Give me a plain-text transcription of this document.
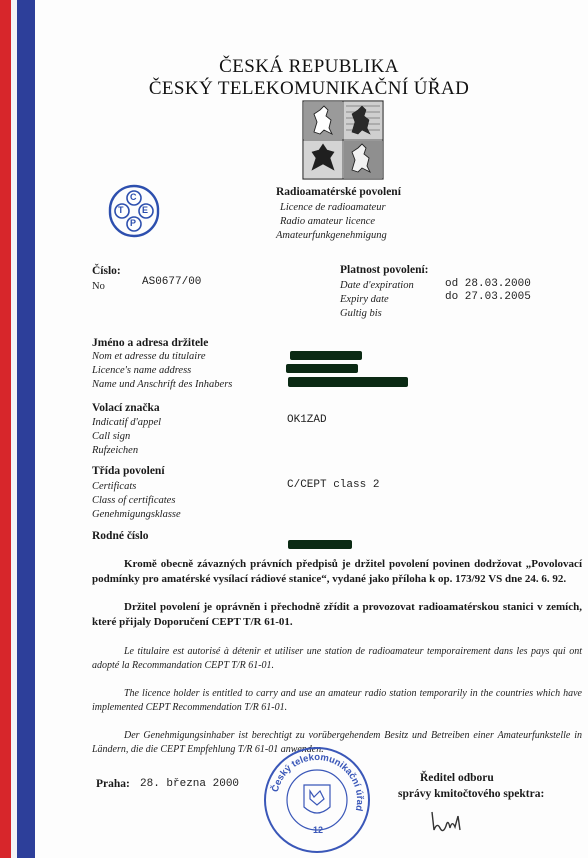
ČESKÁ REPUBLIKA
ČESKÝ TELEKOMUNIKAČNÍ ÚŘAD
C
E
P
T
Radioamatérské povolení
Licence de radioamateur
Radio amateur licence
Amateurfunkgenehmigung
Číslo:
No	AS0677/00
Platnost povolení:
Date d'expiration
Expiry date
Gultig bis
od 28.03.2000
do 27.03.2005
Jméno a adresa držitele
Nom et adresse du titulaire
Licence's name address
Name und Anschrift des Inhabers
Volací značka
Indicatif d'appel
Call sign
Rufzeichen
OK1ZAD
Třída povolení
Certificats
Class of certificates
Genehmigungsklasse
C/CEPT class 2
Rodné číslo
Kromě obecně závazných právních předpisů je držitel povolení povinen dodržovat „Povolovací podmínky pro amatérské vysílací rádiové stanice“, vydané jako příloha k op. 173/92 VS dne 24. 6. 92.
Držitel povolení je oprávněn i přechodně zřídit a provozovat radioamatérskou stanici v zemích, které přijaly Doporučení CEPT T/R 61-01.
Le titulaire est autorisé à détenir et utiliser une station de radioamateur temporairement dans les pays qui ont adopté la Recommandation CEPT T/R 61-01.
The licence holder is entitled to carry and use an amateur radio station temporarily in the countries which have implemented CEPT Recommendation T/R 61-01.
Der Genehmigungsinhaber ist berechtigt zu vorübergehendem Besitz und Betreiben einer Amateurfunkstelle in Ländern, die die CEPT Empfehlung T/R 61-01 anwenden.
Praha: 28. března 2000	Ředitel odboru
správy kmitočtového spektra:
Český telekomunikační úřad
12
